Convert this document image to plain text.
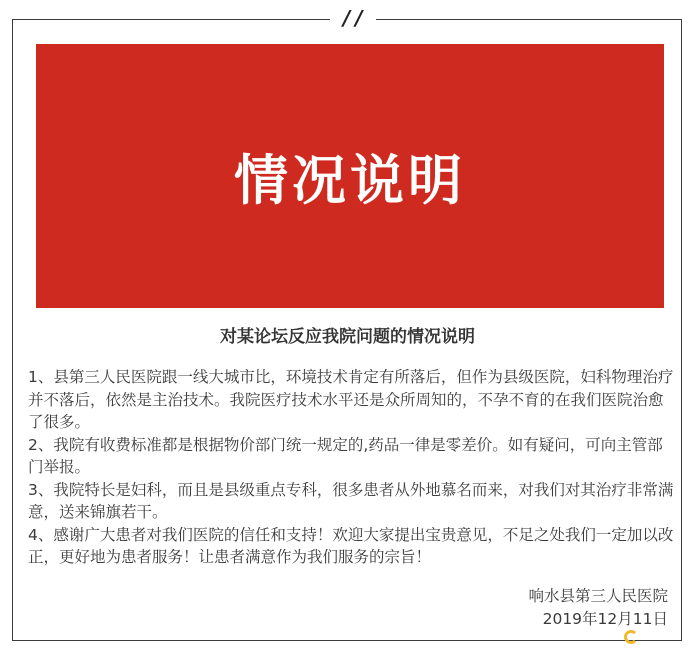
/ /
情况说明
对某论坛反应我院问题的情况说明

1、县第三人民医院跟一线大城市比，环境技术肯定有所落后，但作为县级医院，妇科物理治疗并不落后，依然是主治技术。我院医疗技术水平还是众所周知的，不孕不育的在我们医院治愈了很多。

2、我院有收费标准都是根据物价部门统一规定的,药品一律是零差价。如有疑问，可向主管部门举报。

3、我院特长是妇科，而且是县级重点专科，很多患者从外地慕名而来，对我们对其治疗非常满意，送来锦旗若干。

4、感谢广大患者对我们医院的信任和支持！欢迎大家提出宝贵意见，不足之处我们一定加以改正，更好地为患者服务！让患者满意作为我们服务的宗旨！

响水县第三人民医院
2019年12月11日
